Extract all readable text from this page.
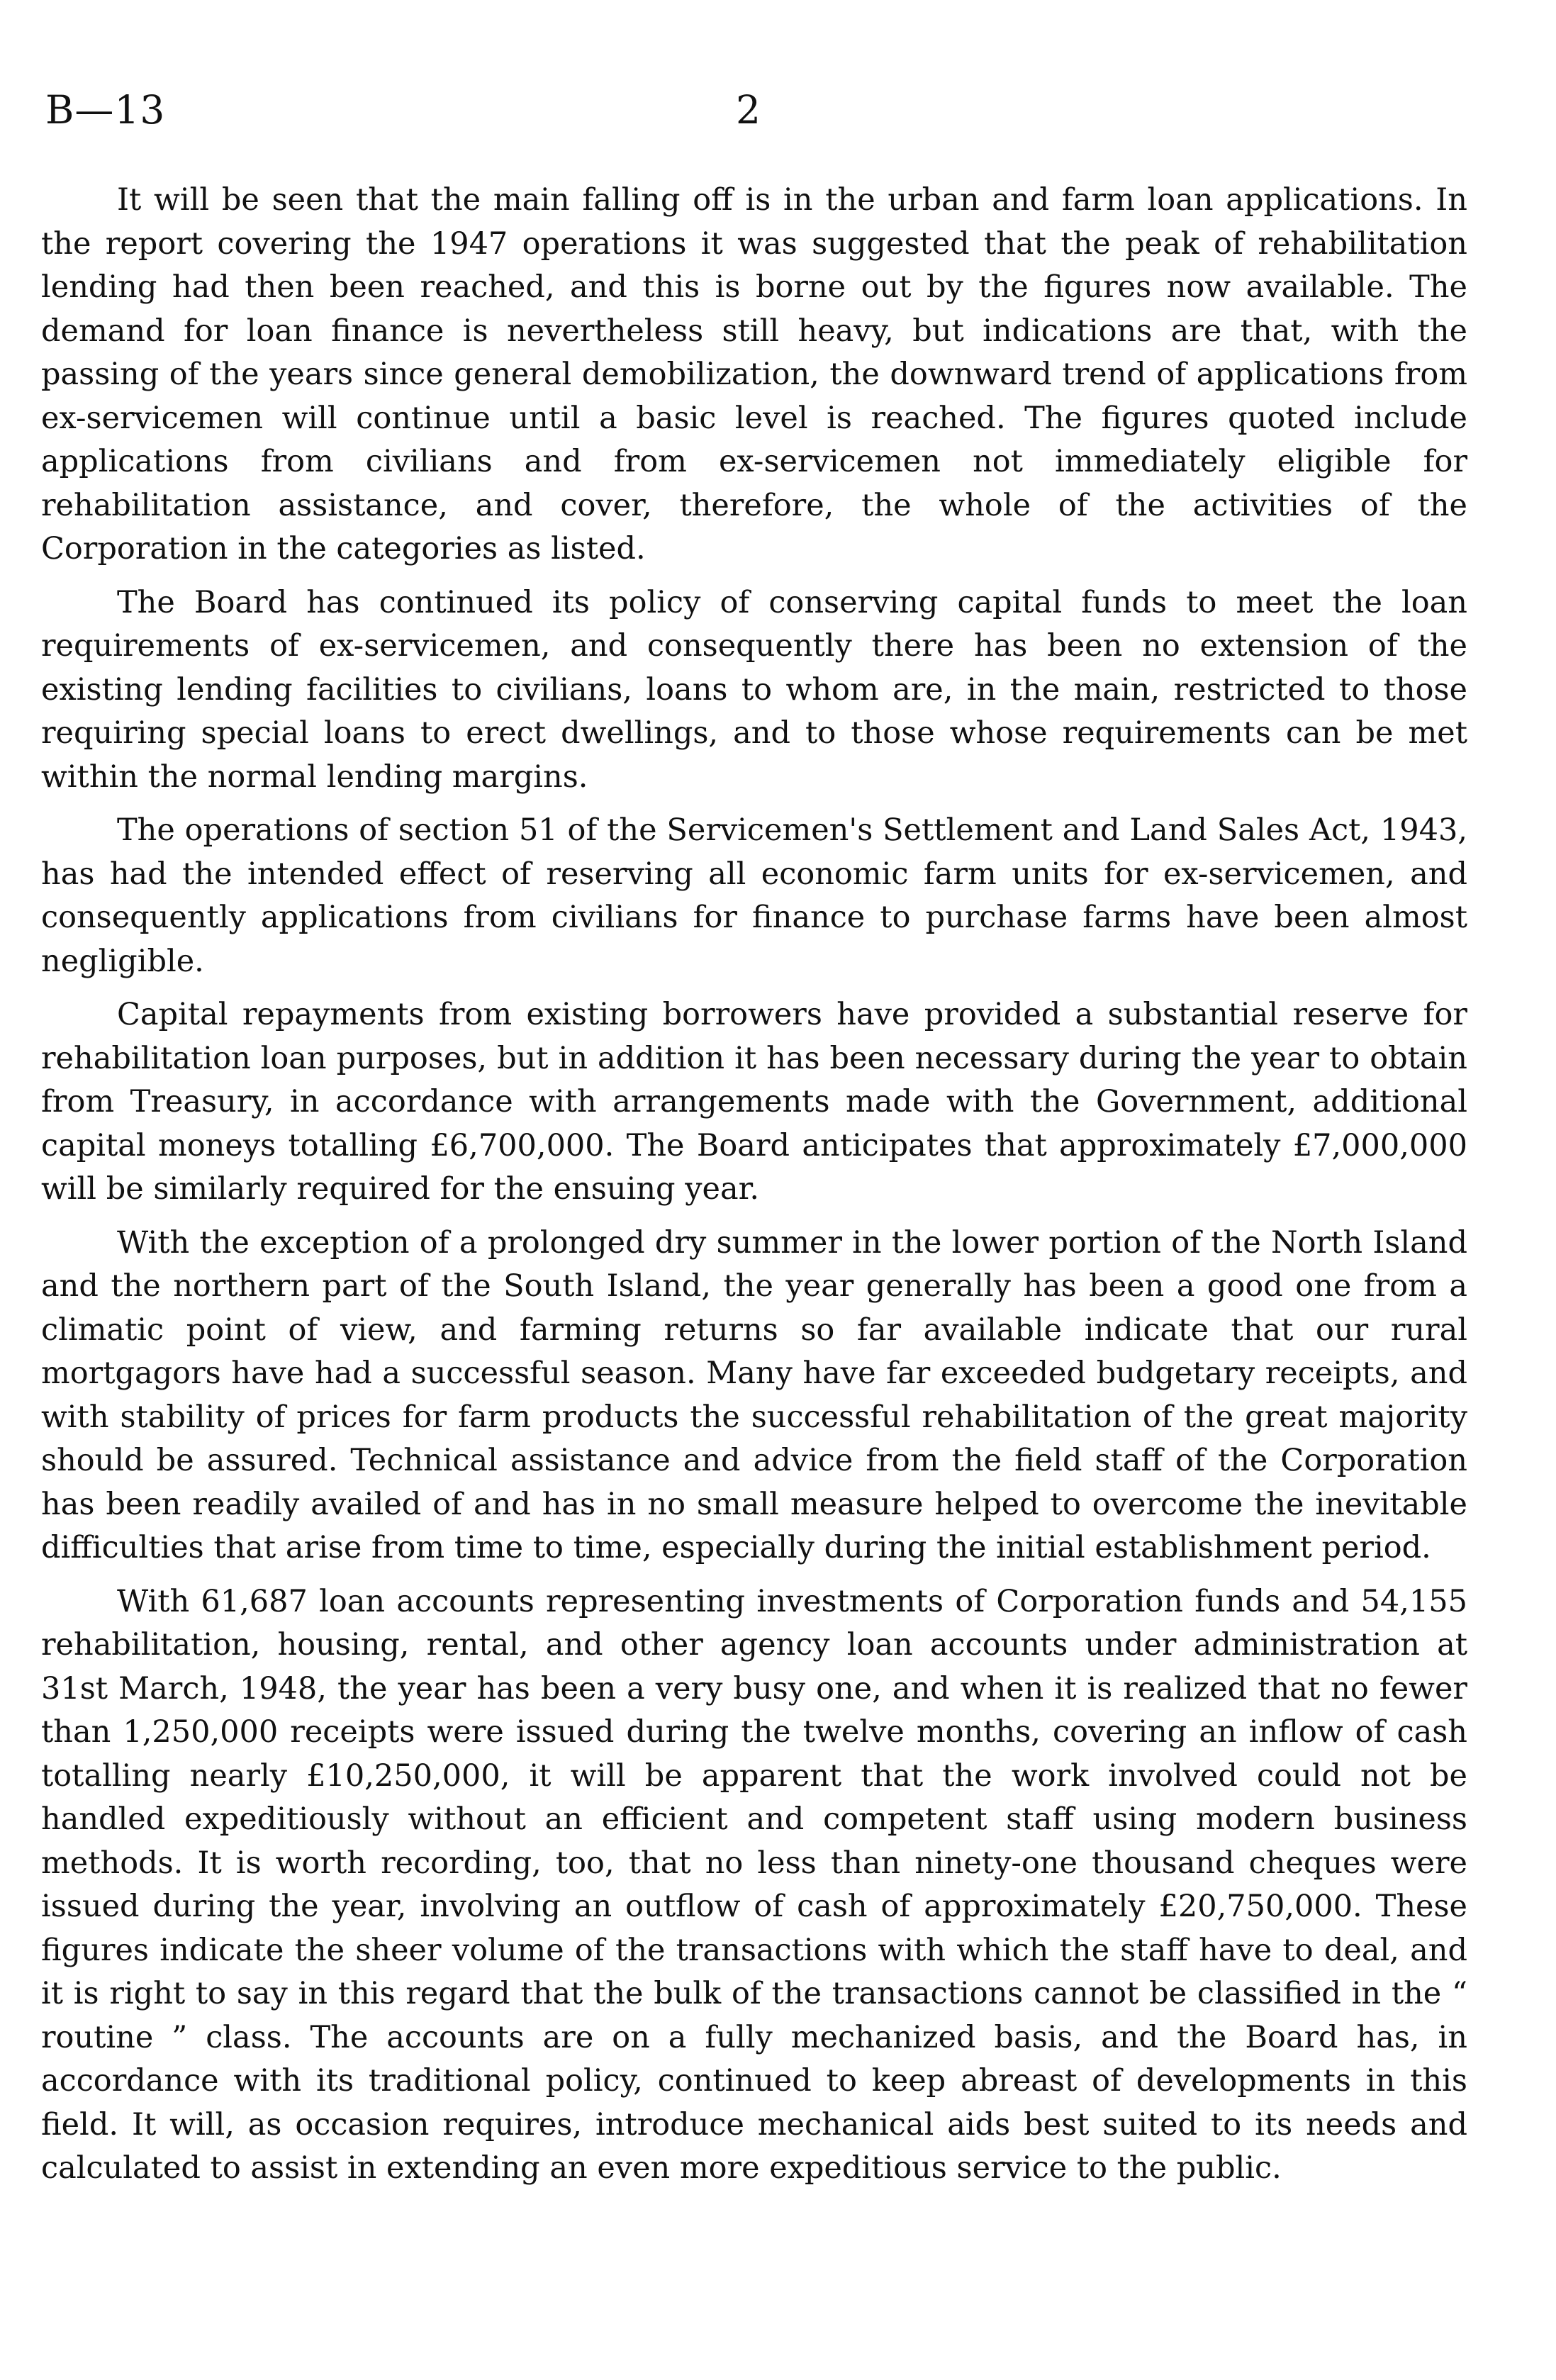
B—13	2

It will be seen that the main falling off is in the urban and farm loan applications. In the report covering the 1947 operations it was suggested that the peak of rehabilitation lending had then been reached, and this is borne out by the figures now available. The demand for loan finance is nevertheless still heavy, but indications are that, with the passing of the years since general demobilization, the downward trend of applications from ex-servicemen will continue until a basic level is reached. The figures quoted include applications from civilians and from ex-servicemen not immediately eligible for rehabilitation assistance, and cover, therefore, the whole of the activities of the Corporation in the categories as listed.

The Board has continued its policy of conserving capital funds to meet the loan requirements of ex-servicemen, and consequently there has been no extension of the existing lending facilities to civilians, loans to whom are, in the main, restricted to those requiring special loans to erect dwellings, and to those whose requirements can be met within the normal lending margins.

The operations of section 51 of the Servicemen's Settlement and Land Sales Act, 1943, has had the intended effect of reserving all economic farm units for ex-servicemen, and consequently applications from civilians for finance to purchase farms have been almost negligible.

Capital repayments from existing borrowers have provided a substantial reserve for rehabilitation loan purposes, but in addition it has been necessary during the year to obtain from Treasury, in accordance with arrangements made with the Government, additional capital moneys totalling £6,700,000. The Board anticipates that approximately £7,000,000 will be similarly required for the ensuing year.

With the exception of a prolonged dry summer in the lower portion of the North Island and the northern part of the South Island, the year generally has been a good one from a climatic point of view, and farming returns so far available indicate that our rural mortgagors have had a successful season. Many have far exceeded budgetary receipts, and with stability of prices for farm products the successful rehabilitation of the great majority should be assured. Technical assistance and advice from the field staff of the Corporation has been readily availed of and has in no small measure helped to overcome the inevitable difficulties that arise from time to time, especially during the initial establishment period.

With 61,687 loan accounts representing investments of Corporation funds and 54,155 rehabilitation, housing, rental, and other agency loan accounts under administration at 31st March, 1948, the year has been a very busy one, and when it is realized that no fewer than 1,250,000 receipts were issued during the twelve months, covering an inflow of cash totalling nearly £10,250,000, it will be apparent that the work involved could not be handled expeditiously without an efficient and competent staff using modern business methods. It is worth recording, too, that no less than ninety-one thousand cheques were issued during the year, involving an outflow of cash of approximately £20,750,000. These figures indicate the sheer volume of the transactions with which the staff have to deal, and it is right to say in this regard that the bulk of the transactions cannot be classified in the “ routine ” class. The accounts are on a fully mechanized basis, and the Board has, in accordance with its traditional policy, continued to keep abreast of developments in this field. It will, as occasion requires, introduce mechanical aids best suited to its needs and calculated to assist in extending an even more expeditious service to the public.
